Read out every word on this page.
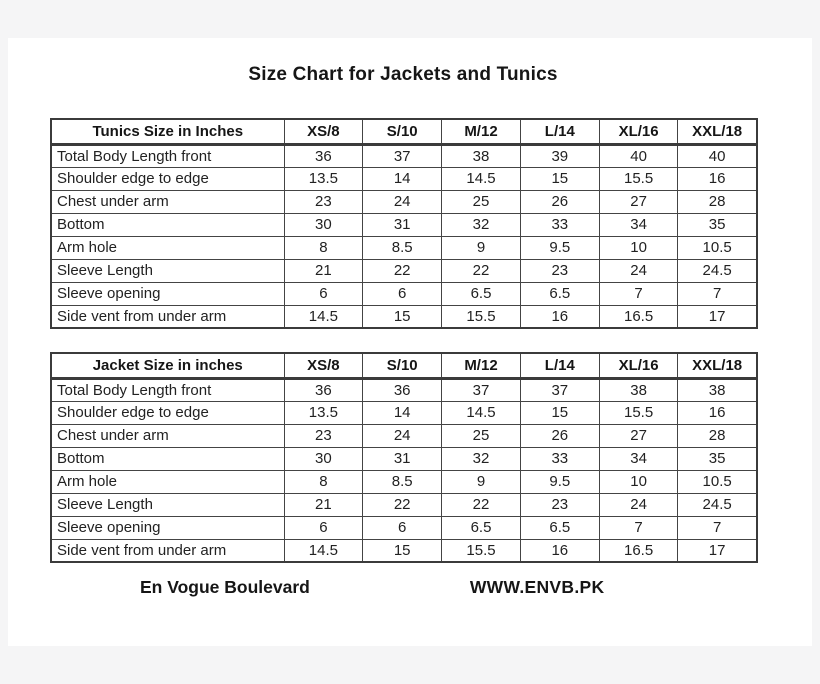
Size Chart for Jackets and Tunics
Tunics Size in Inches	XS/8	S/10	M/12	L/14	XL/16	XXL/18
Total Body Length front	36	37	38	39	40	40
Shoulder edge to edge	13.5	14	14.5	15	15.5	16
Chest under arm	23	24	25	26	27	28
Bottom	30	31	32	33	34	35
Arm hole	8	8.5	9	9.5	10	10.5
Sleeve Length	21	22	22	23	24	24.5
Sleeve opening	6	6	6.5	6.5	7	7
Side vent from under arm	14.5	15	15.5	16	16.5	17
Jacket Size in inches	XS/8	S/10	M/12	L/14	XL/16	XXL/18
Total Body Length front	36	36	37	37	38	38
Shoulder edge to edge	13.5	14	14.5	15	15.5	16
Chest under arm	23	24	25	26	27	28
Bottom	30	31	32	33	34	35
Arm hole	8	8.5	9	9.5	10	10.5
Sleeve Length	21	22	22	23	24	24.5
Sleeve opening	6	6	6.5	6.5	7	7
Side vent from under arm	14.5	15	15.5	16	16.5	17
En Vogue Boulevard	WWW.ENVB.PK
